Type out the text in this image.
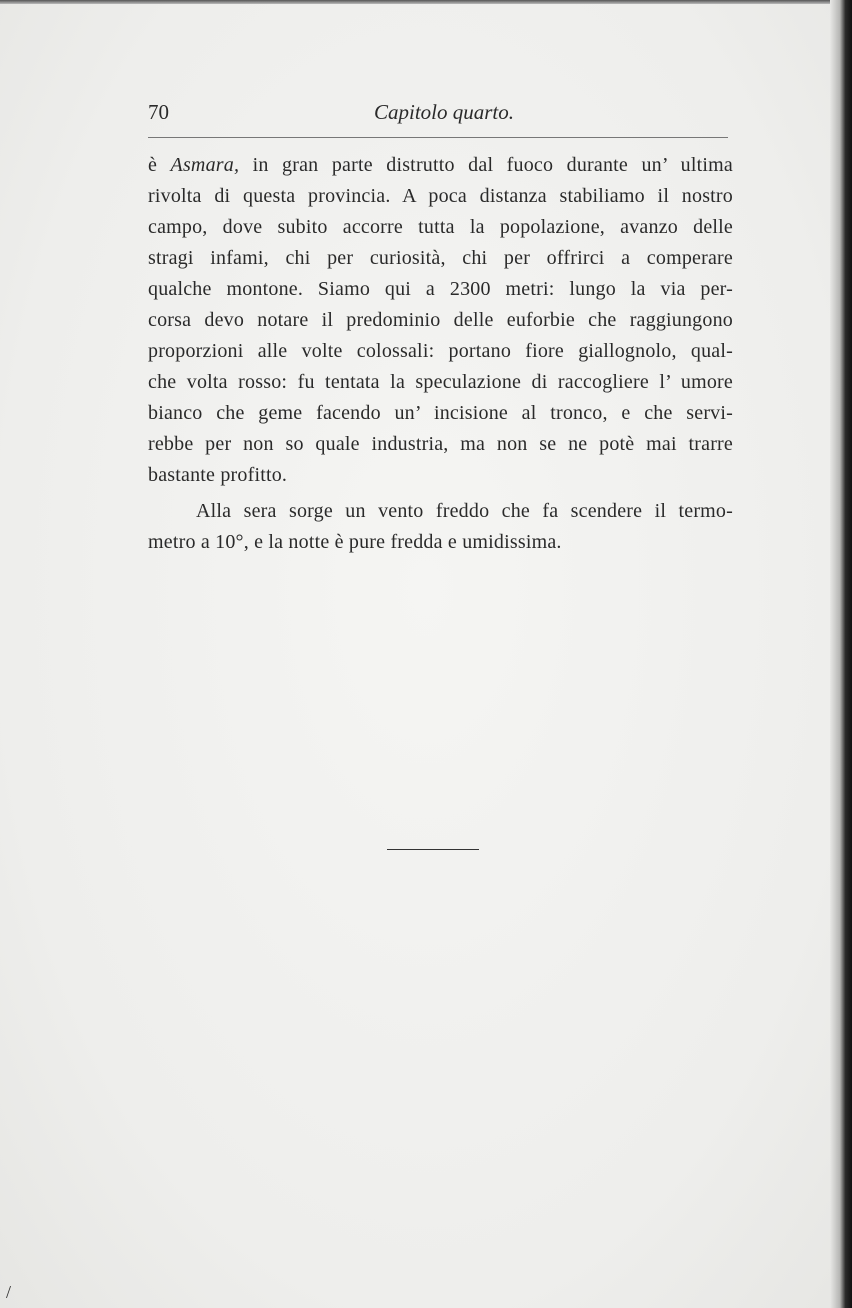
70	Capitolo quarto.
è Asmara, in gran parte distrutto dal fuoco durante un’ ultima
rivolta di questa provincia. A poca distanza stabiliamo il nostro
campo, dove subito accorre tutta la popolazione, avanzo delle
stragi infami, chi per curiosità, chi per offrirci a comperare
qualche montone. Siamo qui a 2300 metri: lungo la via per-
corsa devo notare il predominio delle euforbie che raggiungono
proporzioni alle volte colossali: portano fiore giallognolo, qual-
che volta rosso: fu tentata la speculazione di raccogliere l’ umore
bianco che geme facendo un’ incisione al tronco, e che servi-
rebbe per non so quale industria, ma non se ne potè mai trarre
bastante profitto.
Alla sera sorge un vento freddo che fa scendere il termo-
metro a 10°, e la notte è pure fredda e umidissima.
/
